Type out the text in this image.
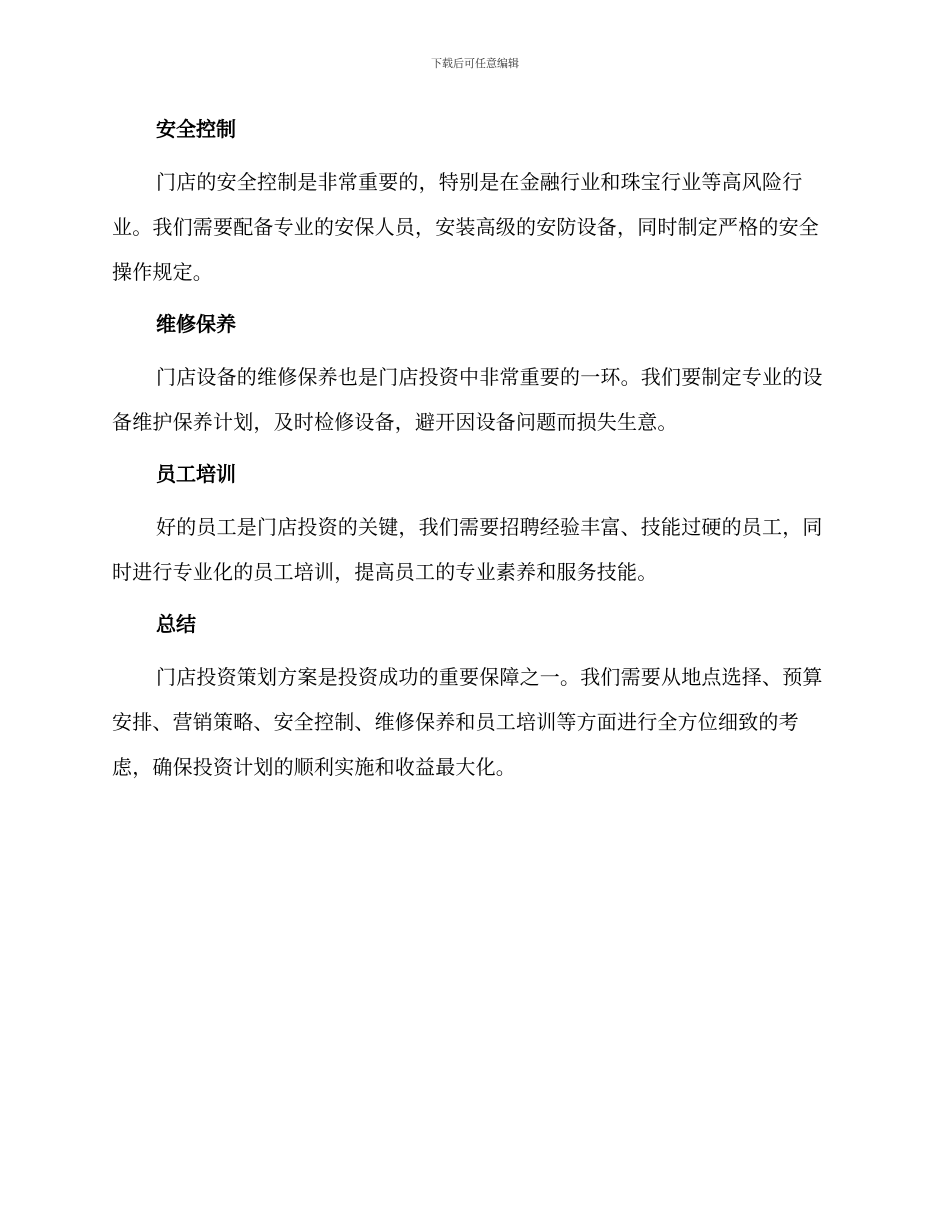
下载后可任意编辑
安全控制

门店的安全控制是非常重要的，特别是在金融行业和珠宝行业等高风险行业。我们需要配备专业的安保人员，安装高级的安防设备，同时制定严格的安全操作规定。

维修保养

门店设备的维修保养也是门店投资中非常重要的一环。我们要制定专业的设备维护保养计划，及时检修设备，避开因设备问题而损失生意。

员工培训

好的员工是门店投资的关键，我们需要招聘经验丰富、技能过硬的员工，同时进行专业化的员工培训，提高员工的专业素养和服务技能。

总结

门店投资策划方案是投资成功的重要保障之一。我们需要从地点选择、预算安排、营销策略、安全控制、维修保养和员工培训等方面进行全方位细致的考虑，确保投资计划的顺利实施和收益最大化。
